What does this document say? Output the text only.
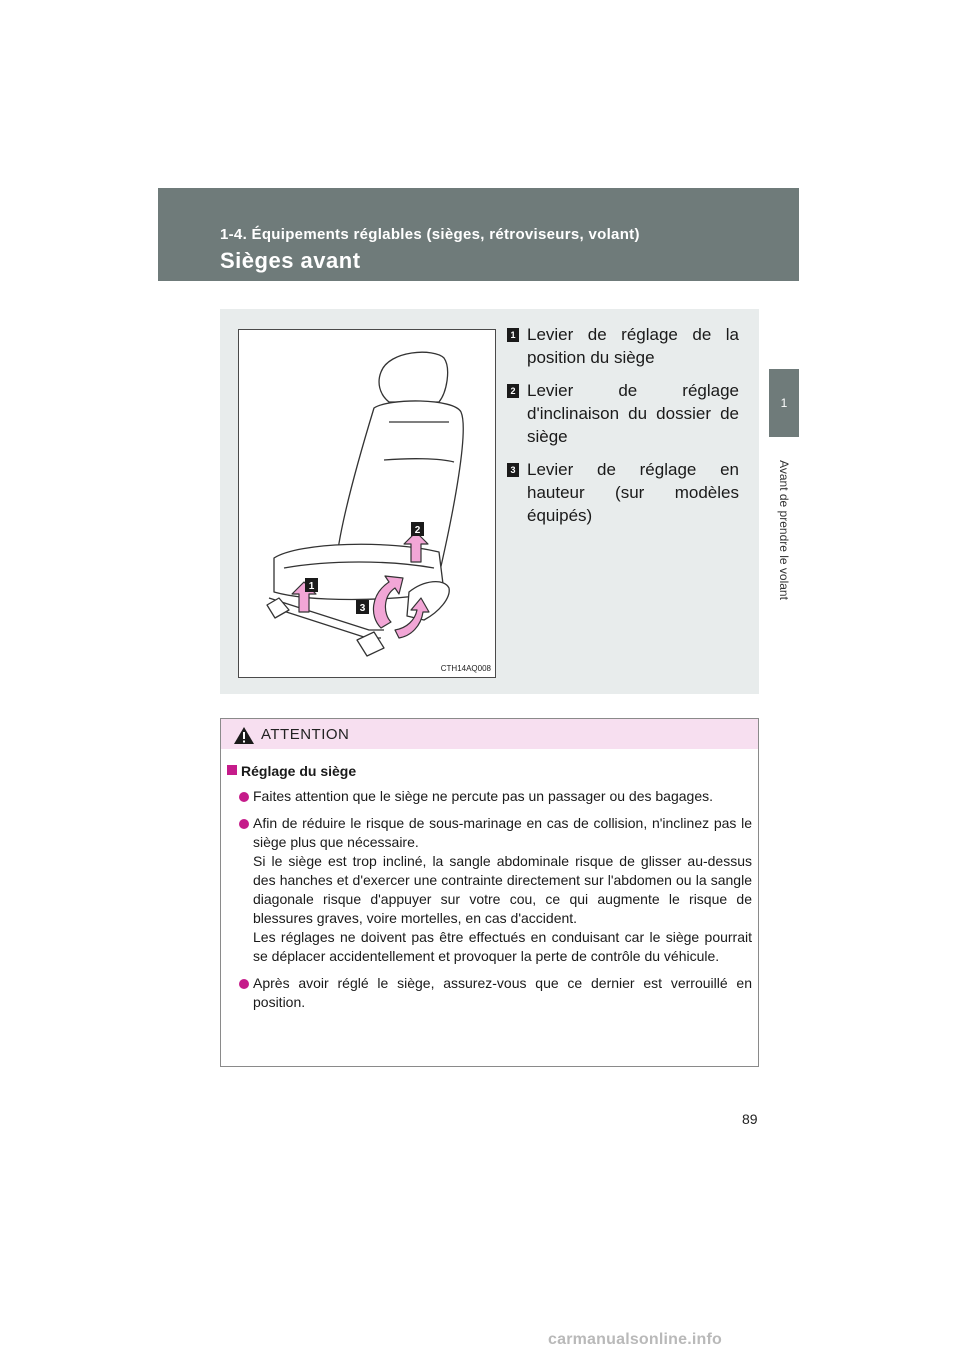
1-4. Équipements réglables (sièges, rétroviseurs, volant)
Sièges avant
1
Avant de prendre le volant
1
2
3
CTH14AQ008
1 Levier de réglage de la position du siège
2 Levier de réglage d'inclinaison du dossier de siège
3 Levier de réglage en hauteur (sur modèles équipés)
ATTENTION
Réglage du siège

Faites attention que le siège ne percute pas un passager ou des bagages.

Afin de réduire le risque de sous-marinage en cas de collision, n'inclinez pas le siège plus que nécessaire.

Si le siège est trop incliné, la sangle abdominale risque de glisser au-dessus des hanches et d'exercer une contrainte directement sur l'abdomen ou la sangle diagonale risque d'appuyer sur votre cou, ce qui augmente le risque de blessures graves, voire mortelles, en cas d'accident.

Les réglages ne doivent pas être effectués en conduisant car le siège pourrait se déplacer accidentellement et provoquer la perte de contrôle du véhicule.

Après avoir réglé le siège, assurez-vous que ce dernier est verrouillé en position.

89
carmanualsonline.info
